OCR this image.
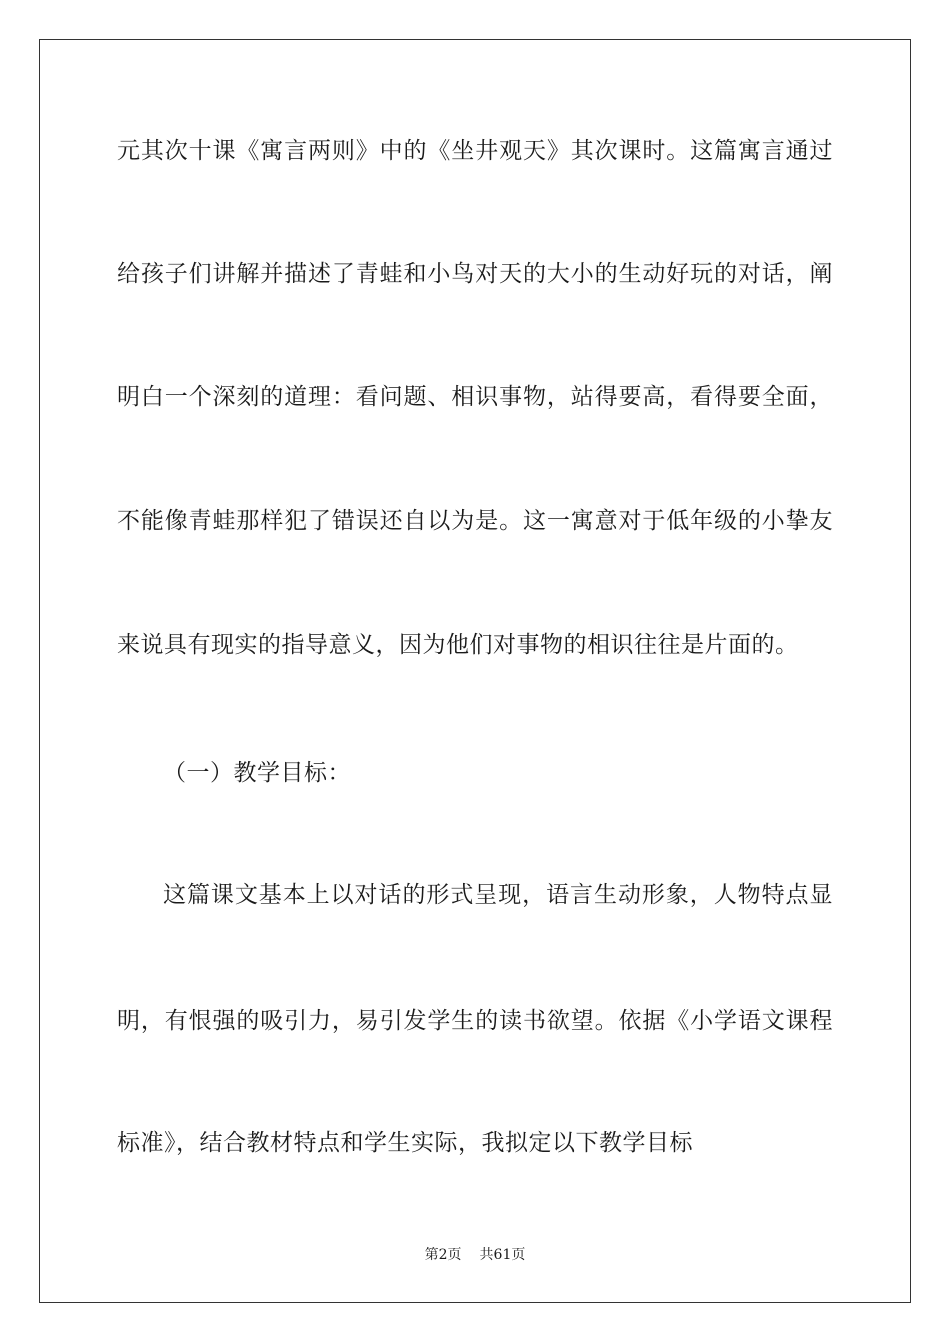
元其次十课《寓言两则》中的《坐井观天》其次课时。这篇寓言通过

给孩子们讲解并描述了青蛙和小鸟对天的大小的生动好玩的对话，阐

明白一个深刻的道理：看问题、相识事物，站得要高，看得要全面，

不能像青蛙那样犯了错误还自以为是。这一寓意对于低年级的小挚友

来说具有现实的指导意义，因为他们对事物的相识往往是片面的。

（一）教学目标：

这篇课文基本上以对话的形式呈现，语言生动形象，人物特点显

明，有恨强的吸引力，易引发学生的读书欲望。依据《小学语文课程

标准》，结合教材特点和学生实际，我拟定以下教学目标

第2页 共61页
